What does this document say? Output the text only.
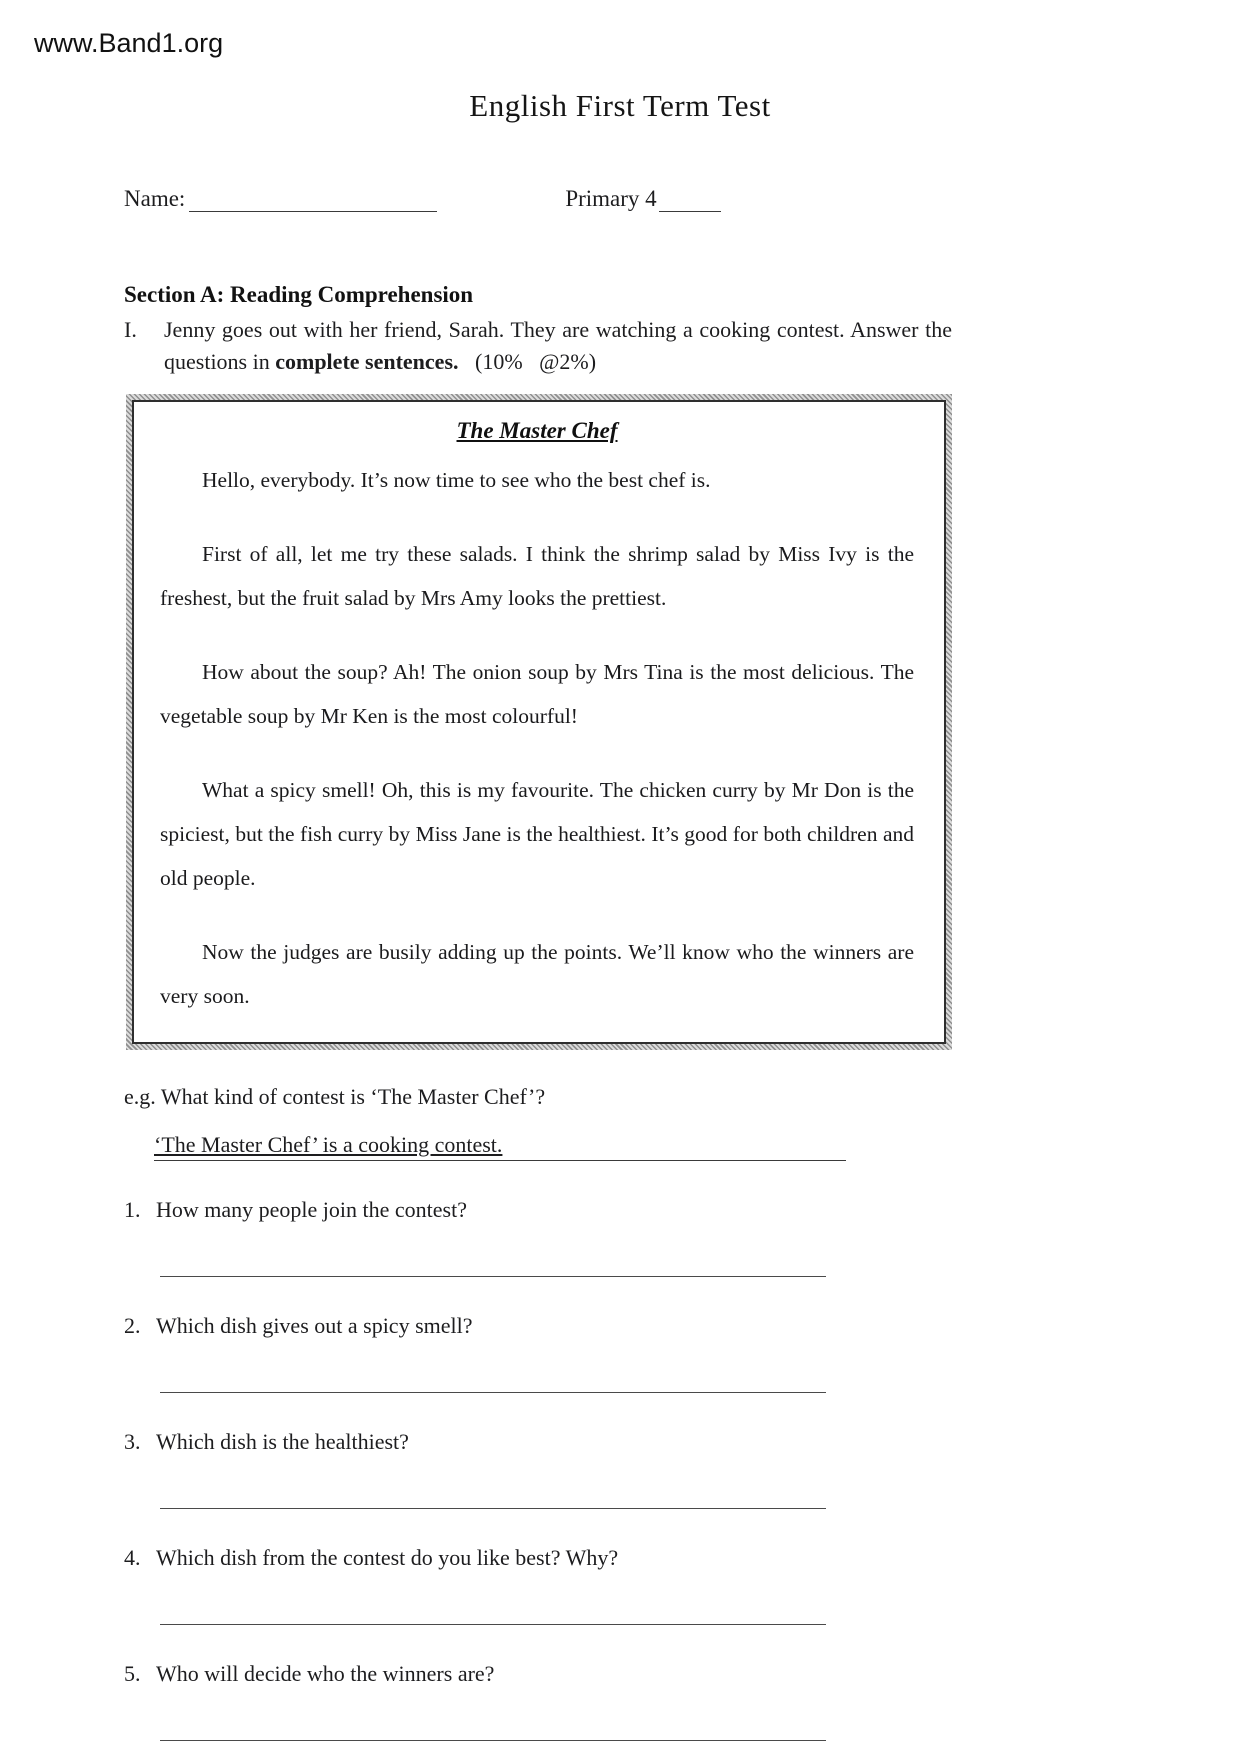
www.Band1.org
English First Term Test
Name:	Primary 4
Section A: Reading Comprehension
I.	Jenny goes out with her friend, Sarah. They are watching a cooking contest. Answer the questions in complete sentences.   (10%   @2%)
The Master Chef

Hello, everybody. It’s now time to see who the best chef is.

First of all, let me try these salads. I think the shrimp salad by Miss Ivy is the freshest, but the fruit salad by Mrs Amy looks the prettiest.

How about the soup? Ah! The onion soup by Mrs Tina is the most delicious. The vegetable soup by Mr Ken is the most colourful!

What a spicy smell! Oh, this is my favourite. The chicken curry by Mr Don is the spiciest, but the fish curry by Miss Jane is the healthiest. It’s good for both children and old people.

Now the judges are busily adding up the points. We’ll know who the winners are very soon.

e.g. What kind of contest is ‘The Master Chef’?
‘The Master Chef’ is a cooking contest.
1. How many people join the contest?
2. Which dish gives out a spicy smell?
3. Which dish is the healthiest?
4. Which dish from the contest do you like best? Why?
5. Who will decide who the winners are?
